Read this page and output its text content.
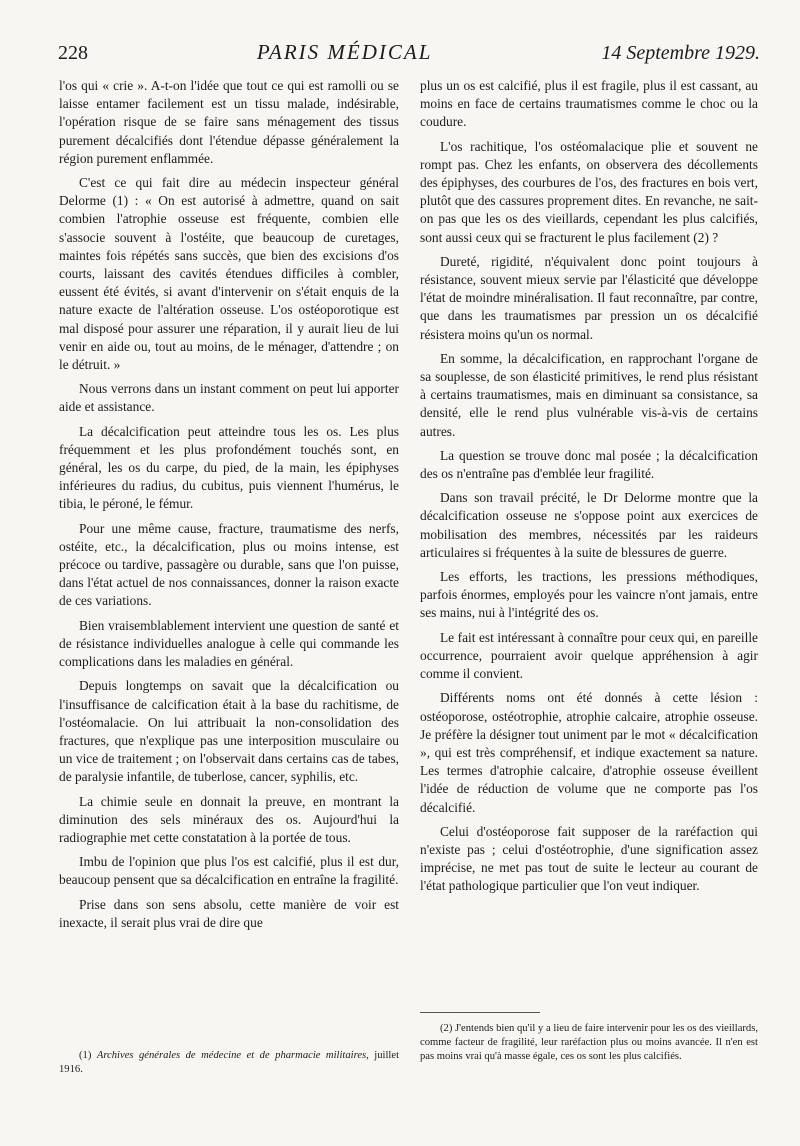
228	PARIS MÉDICAL	14 Septembre 1929.

l'os qui « crie ». A-t-on l'idée que tout ce qui est ramolli ou se laisse entamer facilement est un tissu malade, indésirable, l'opération risque de se faire sans ménagement des tissus purement décalcifiés dont l'étendue dépasse généralement la région purement enflammée.

C'est ce qui fait dire au médecin inspecteur général Delorme (1) : « On est autorisé à admettre, quand on sait combien l'atrophie osseuse est fréquente, combien elle s'associe souvent à l'ostéite, que beaucoup de curetages, maintes fois répétés sans succès, que bien des excisions d'os courts, laissant des cavités étendues difficiles à combler, eussent été évités, si avant d'intervenir on s'était enquis de la nature exacte de l'altération osseuse. L'os ostéoporotique est mal disposé pour assurer une réparation, il y aurait lieu de lui venir en aide ou, tout au moins, de le ménager, d'attendre ; on le détruit. »

Nous verrons dans un instant comment on peut lui apporter aide et assistance.

La décalcification peut atteindre tous les os. Les plus fréquemment et les plus profondément touchés sont, en général, les os du carpe, du pied, de la main, les épiphyses inférieures du radius, du cubitus, puis viennent l'humérus, le tibia, le péroné, le fémur.

Pour une même cause, fracture, traumatisme des nerfs, ostéite, etc., la décalcification, plus ou moins intense, est précoce ou tardive, passagère ou durable, sans que l'on puisse, dans l'état actuel de nos connaissances, donner la raison exacte de ces variations.

Bien vraisemblablement intervient une question de santé et de résistance individuelles analogue à celle qui commande les complications dans les maladies en général.

Depuis longtemps on savait que la décalcification ou l'insuffisance de calcification était à la base du rachitisme, de l'ostéomalacie. On lui attribuait la non-consolidation des fractures, que n'explique pas une interposition musculaire ou un vice de traitement ; on l'observait dans certains cas de tabes, de paralysie infantile, de tuberlose, cancer, syphilis, etc.

La chimie seule en donnait la preuve, en montrant la diminution des sels minéraux des os. Aujourd'hui la radiographie met cette constatation à la portée de tous.

Imbu de l'opinion que plus l'os est calcifié, plus il est dur, beaucoup pensent que sa décalcification en entraîne la fragilité.

Prise dans son sens absolu, cette manière de voir est inexacte, il serait plus vrai de dire que

(1) Archives générales de médecine et de pharmacie militaires, juillet 1916.

plus un os est calcifié, plus il est fragile, plus il est cassant, au moins en face de certains traumatismes comme le choc ou la coudure.

L'os rachitique, l'os ostéomalacique plie et souvent ne rompt pas. Chez les enfants, on observera des décollements des épiphyses, des courbures de l'os, des fractures en bois vert, plutôt que des cassures proprement dites. En revanche, ne sait-on pas que les os des vieillards, cependant les plus calcifiés, sont aussi ceux qui se fracturent le plus facilement (2) ?

Dureté, rigidité, n'équivalent donc point toujours à résistance, souvent mieux servie par l'élasticité que développe l'état de moindre minéralisation. Il faut reconnaître, par contre, que dans les traumatismes par pression un os décalcifié résistera moins qu'un os normal.

En somme, la décalcification, en rapprochant l'organe de sa souplesse, de son élasticité primitives, le rend plus résistant à certains traumatismes, mais en diminuant sa consistance, sa densité, elle le rend plus vulnérable vis-à-vis de certains autres.

La question se trouve donc mal posée ; la décalcification des os n'entraîne pas d'emblée leur fragilité.

Dans son travail précité, le Dr Delorme montre que la décalcification osseuse ne s'oppose point aux exercices de mobilisation des membres, nécessités par les raideurs articulaires si fréquentes à la suite de blessures de guerre.

Les efforts, les tractions, les pressions méthodiques, parfois énormes, employés pour les vaincre n'ont jamais, entre ses mains, nui à l'intégrité des os.

Le fait est intéressant à connaître pour ceux qui, en pareille occurrence, pourraient avoir quelque appréhension à agir comme il convient.

Différents noms ont été donnés à cette lésion : ostéoporose, ostéotrophie, atrophie calcaire, atrophie osseuse. Je préfère la désigner tout uniment par le mot « décalcification », qui est très compréhensif, et indique exactement sa nature. Les termes d'atrophie calcaire, d'atrophie osseuse éveillent l'idée de réduction de volume que ne comporte pas l'os décalcifié.

Celui d'ostéoporose fait supposer de la raréfaction qui n'existe pas ; celui d'ostéotrophie, d'une signification assez imprécise, ne met pas tout de suite le lecteur au courant de l'état pathologique particulier que l'on veut indiquer.

(2) J'entends bien qu'il y a lieu de faire intervenir pour les os des vieillards, comme facteur de fragilité, leur raréfaction plus ou moins avancée. Il n'en est pas moins vrai qu'à masse égale, ces os sont les plus calcifiés.
